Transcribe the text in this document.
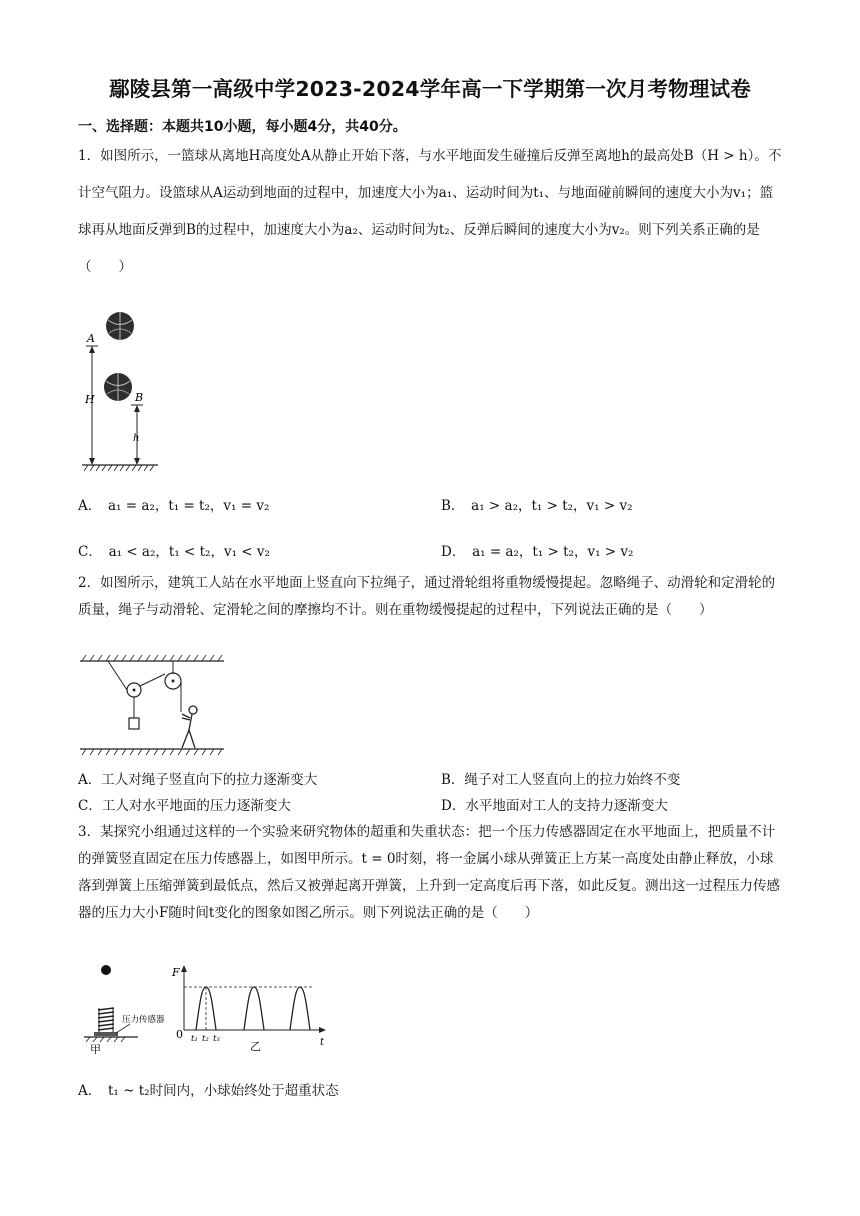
鄢陵县第一高级中学2023-2024学年高一下学期第一次月考物理试卷
一、选择题：本题共10小题，每小题4分，共40分。
1．如图所示，一篮球从离地H高度处A从静止开始下落，与水平地面发生碰撞后反弹至离地h的最高处B（H > h）。不计空气阻力。设篮球从A运动到地面的过程中，加速度大小为a₁、运动时间为t₁、与地面碰前瞬间的速度大小为v₁；篮球再从地面反弹到B的过程中，加速度大小为a₂、运动时间为t₂、反弹后瞬间的速度大小为v₂。则下列关系正确的是（　　）
A
H	B
h
A．　a₁ = a₂，t₁ = t₂，v₁ = v₂	B．　a₁ > a₂，t₁ > t₂，v₁ > v₂
C．　a₁ < a₂，t₁ < t₂，v₁ < v₂	D．　a₁ = a₂，t₁ > t₂，v₁ > v₂
2．如图所示，建筑工人站在水平地面上竖直向下拉绳子，通过滑轮组将重物缓慢提起。忽略绳子、动滑轮和定滑轮的质量，绳子与动滑轮、定滑轮之间的摩擦均不计。则在重物缓慢提起的过程中，下列说法正确的是（　　）
A．工人对绳子竖直向下的拉力逐渐变大	B．绳子对工人竖直向上的拉力始终不变
C．工人对水平地面的压力逐渐变大	D．水平地面对工人的支持力逐渐变大
3．某探究小组通过这样的一个实验来研究物体的超重和失重状态：把一个压力传感器固定在水平地面上，把质量不计的弹簧竖直固定在压力传感器上，如图甲所示。t = 0时刻，将一金属小球从弹簧正上方某一高度处由静止释放，小球落到弹簧上压缩弹簧到最低点，然后又被弹起离开弹簧，上升到一定高度后再下落，如此反复。测出这一过程压力传感器的压力大小F随时间t变化的图象如图乙所示。则下列说法正确的是（　　）
压力传感器
甲
F
t
0 t₁ t₂ t₃
乙
A．　t₁ ~ t₂时间内，小球始终处于超重状态
